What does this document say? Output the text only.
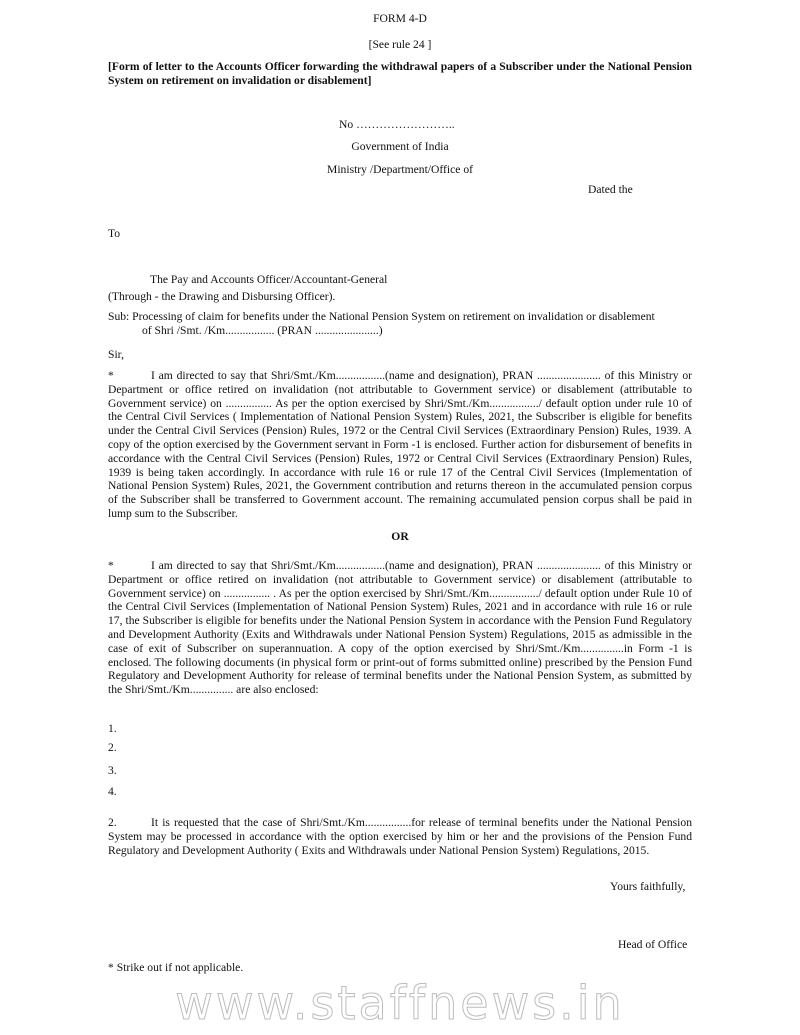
FORM 4-D
[See rule 24 ]
[Form of letter to the Accounts Officer forwarding the withdrawal papers of a Subscriber under the National Pension System on retirement on invalidation or disablement]
No ……………………..
Government of India
Ministry /Department/Office of
Dated the
To
The Pay and Accounts Officer/Accountant-General
(Through - the Drawing and Disbursing Officer).
Sub: Processing of claim for benefits under the National Pension System on retirement on invalidation or disablement
of Shri /Smt. /Km................. (PRAN ......................)
Sir,
*	I am directed to say that Shri/Smt./Km.................(name and designation), PRAN ...................... of this Ministry or Department or office retired on invalidation (not attributable to Government service) or disablement (attributable to Government service) on ................ As per the option exercised by Shri/Smt./Km................./ default option under rule 10 of the Central Civil Services ( Implementation of National Pension System) Rules, 2021, the Subscriber is eligible for benefits under the Central Civil Services (Pension) Rules, 1972 or the Central Civil Services (Extraordinary Pension) Rules, 1939. A copy of the option exercised by the Government servant in Form -1 is enclosed. Further action for disbursement of benefits in accordance with the Central Civil Services (Pension) Rules, 1972 or Central Civil Services (Extraordinary Pension) Rules, 1939 is being taken accordingly. In accordance with rule 16 or rule 17 of the Central Civil Services (Implementation of National Pension System) Rules, 2021, the Government contribution and returns thereon in the accumulated pension corpus of the Subscriber shall be transferred to Government account. The remaining accumulated pension corpus shall be paid in lump sum to the Subscriber.
OR
*	I am directed to say that Shri/Smt./Km.................(name and designation), PRAN ...................... of this Ministry or Department or office retired on invalidation (not attributable to Government service) or disablement (attributable to Government service) on ................ . As per the option exercised by Shri/Smt./Km................./ default option under Rule 10 of the Central Civil Services (Implementation of National Pension System) Rules, 2021 and in accordance with rule 16 or rule 17, the Subscriber is eligible for benefits under the National Pension System in accordance with the Pension Fund Regulatory and Development Authority (Exits and Withdrawals under National Pension System) Regulations, 2015 as admissible in the case of exit of Subscriber on superannuation. A copy of the option exercised by Shri/Smt./Km...............in Form -1 is enclosed. The following documents (in physical form or print-out of forms submitted online) prescribed by the Pension Fund Regulatory and Development Authority for release of terminal benefits under the National Pension System, as submitted by the Shri/Smt./Km............... are also enclosed:
1.
2.
3.
4.
2.	It is requested that the case of Shri/Smt./Km................for release of terminal benefits under the National Pension System may be processed in accordance with the option exercised by him or her and the provisions of the Pension Fund Regulatory and Development Authority ( Exits and Withdrawals under National Pension System) Regulations, 2015.
Yours faithfully,
Head of Office
* Strike out if not applicable.
www.staffnews.in
